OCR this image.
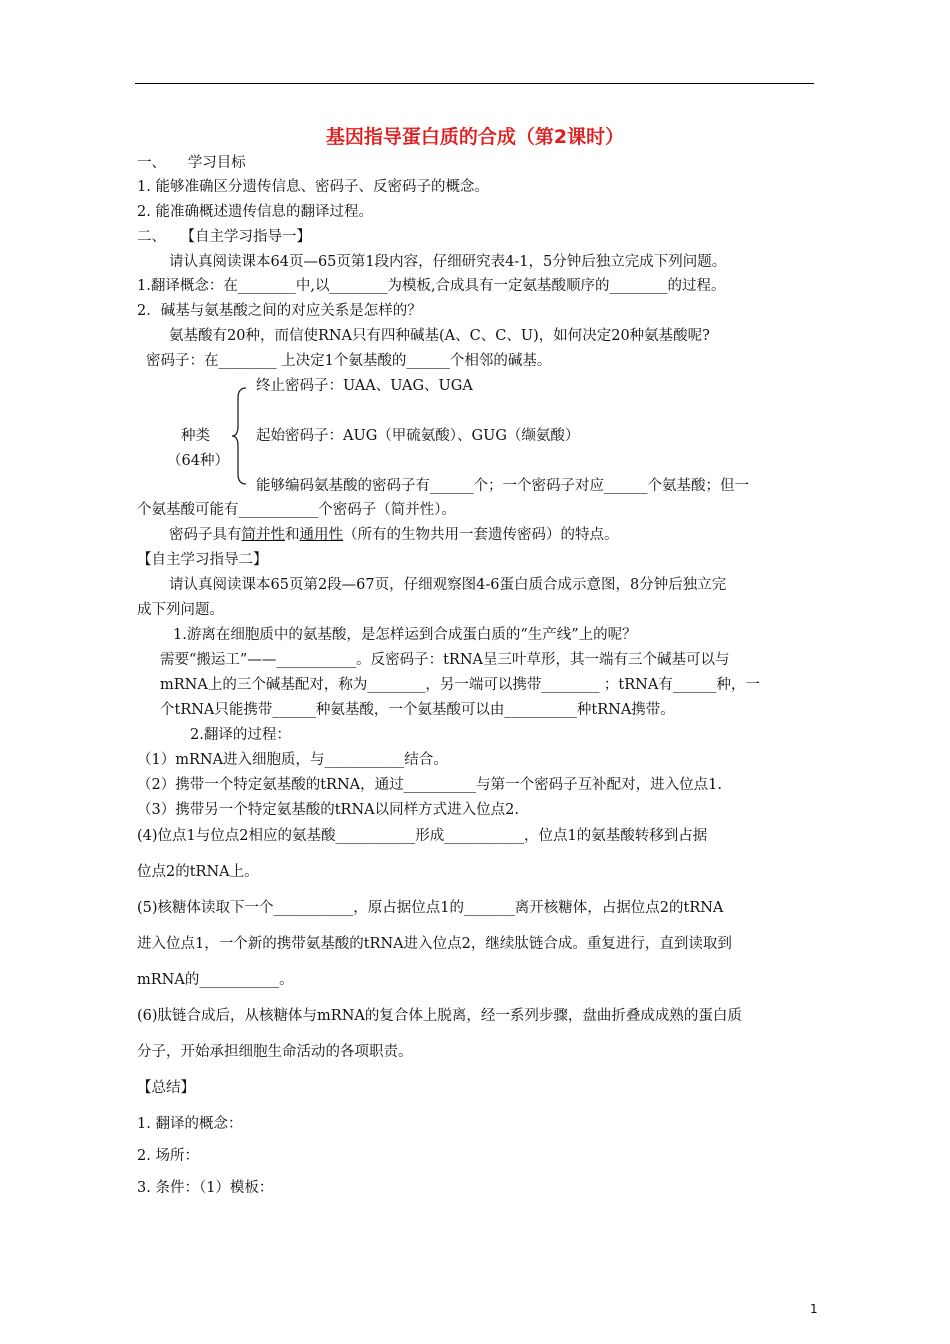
基因指导蛋白质的合成（第2课时）
一、　　学习目标
1. 能够准确区分遗传信息、密码子、反密码子的概念。
2. 能准确概述遗传信息的翻译过程。
二、　　【自主学习指导一】
请认真阅读课本64页—65页第1段内容，仔细研究表4-1，5分钟后独立完成下列问题。
1.翻译概念：在________中,以________为模板,合成具有一定氨基酸顺序的________的过程。
2．碱基与氨基酸之间的对应关系是怎样的？
氨基酸有20种，而信使RNA只有四种碱基(A、C、C、U)，如何决定20种氨基酸呢?
密码子：在________ 上决定1个氨基酸的______个相邻的碱基。
终止密码子：UAA、UAG、UGA
种类	起始密码子：AUG（甲硫氨酸）、GUG（缬氨酸）
（64种）
能够编码氨基酸的密码子有______个；一个密码子对应______个氨基酸；但一
个氨基酸可能有___________个密码子（简并性）。
密码子具有简并性和通用性（所有的生物共用一套遗传密码）的特点。
【自主学习指导二】
请认真阅读课本65页第2段—67页，仔细观察图4-6蛋白质合成示意图，8分钟后独立完
成下列问题。
1.游离在细胞质中的氨基酸，是怎样运到合成蛋白质的“生产线”上的呢？
需要“搬运工”——___________。反密码子：tRNA呈三叶草形，其一端有三个碱基可以与
mRNA上的三个碱基配对，称为________，另一端可以携带________ ；tRNA有______种，一
个tRNA只能携带______种氨基酸，一个氨基酸可以由__________种tRNA携带。
2.翻译的过程：
（1）mRNA进入细胞质，与___________结合。
（2）携带一个特定氨基酸的tRNA，通过__________与第一个密码子互补配对，进入位点1.
（3）携带另一个特定氨基酸的tRNA以同样方式进入位点2.
(4)位点1与位点2相应的氨基酸___________形成___________，位点1的氨基酸转移到占据
位点2的tRNA上。
(5)核糖体读取下一个___________，原占据位点1的_______离开核糖体，占据位点2的tRNA
进入位点1，一个新的携带氨基酸的tRNA进入位点2，继续肽链合成。重复进行，直到读取到
mRNA的___________。
(6)肽链合成后，从核糖体与mRNA的复合体上脱离，经一系列步骤，盘曲折叠成成熟的蛋白质
分子，开始承担细胞生命活动的各项职责。
【总结】
1. 翻译的概念：
2. 场所：
3. 条件：（1）模板：
1
